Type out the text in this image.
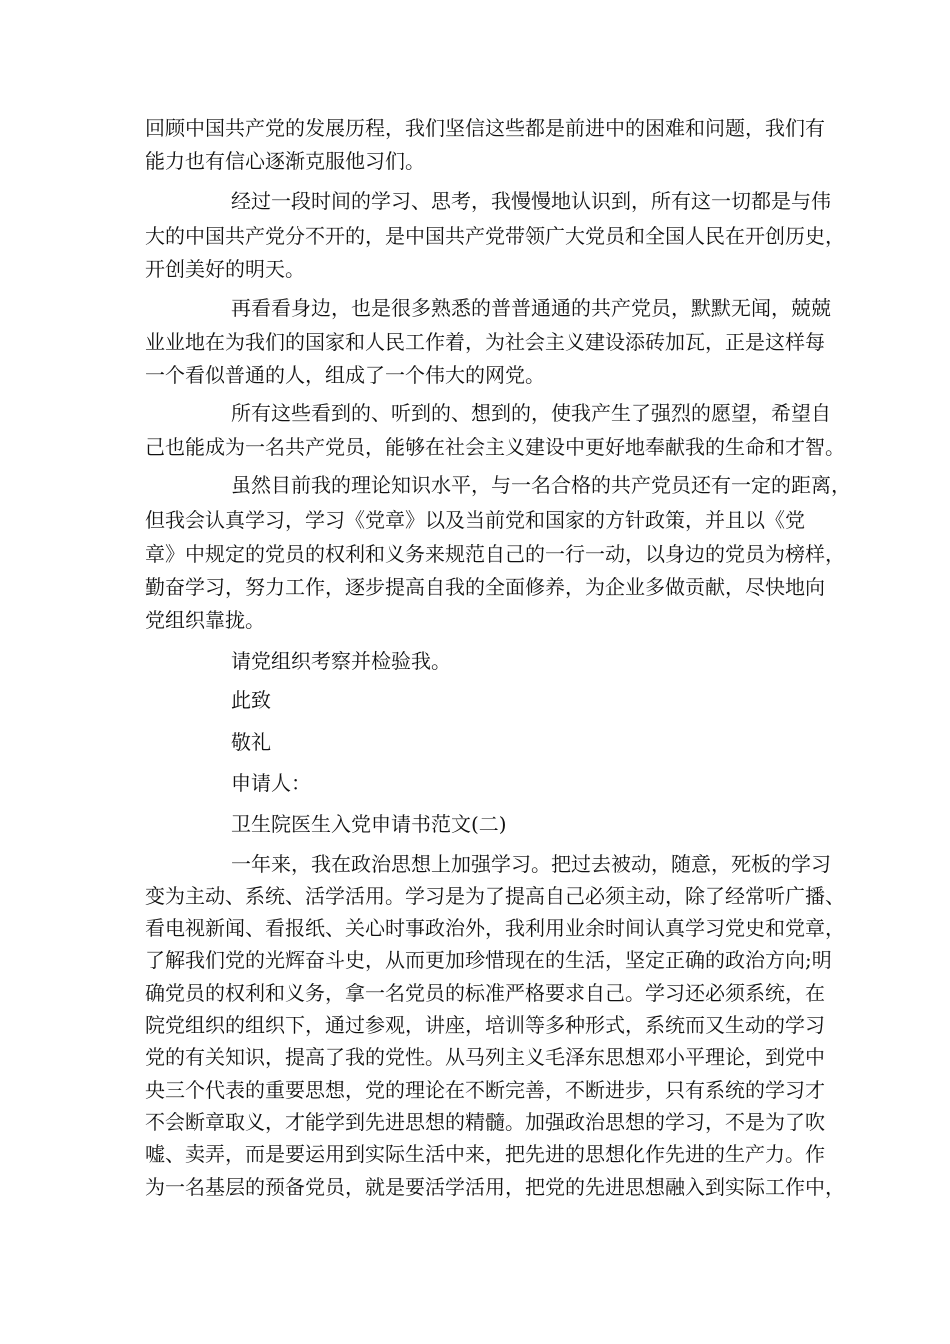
回顾中国共产党的发展历程，我们坚信这些都是前进中的困难和问题，我们有
能力也有信心逐渐克服他习们。
经过一段时间的学习、思考，我慢慢地认识到，所有这一切都是与伟
大的中国共产党分不开的，是中国共产党带领广大党员和全国人民在开创历史，
开创美好的明天。
再看看身边，也是很多熟悉的普普通通的共产党员，默默无闻，兢兢
业业地在为我们的国家和人民工作着，为社会主义建设添砖加瓦，正是这样每
一个看似普通的人，组成了一个伟大的网党。
所有这些看到的、听到的、想到的，使我产生了强烈的愿望，希望自
己也能成为一名共产党员，能够在社会主义建设中更好地奉献我的生命和才智。
虽然目前我的理论知识水平，与一名合格的共产党员还有一定的距离，
但我会认真学习，学习《党章》以及当前党和国家的方针政策，并且以《党
章》中规定的党员的权利和义务来规范自己的一行一动，以身边的党员为榜样，
勤奋学习，努力工作，逐步提高自我的全面修养，为企业多做贡献，尽快地向
党组织靠拢。
请党组织考察并检验我。
此致
敬礼
申请人：
卫生院医生入党申请书范文(二)
一年来，我在政治思想上加强学习。把过去被动，随意，死板的学习
变为主动、系统、活学活用。学习是为了提高自己必须主动，除了经常听广播、
看电视新闻、看报纸、关心时事政治外，我利用业余时间认真学习党史和党章，
了解我们党的光辉奋斗史，从而更加珍惜现在的生活，坚定正确的政治方向;明
确党员的权利和义务，拿一名党员的标准严格要求自己。学习还必须系统，在
院党组织的组织下，通过参观，讲座，培训等多种形式，系统而又生动的学习
党的有关知识，提高了我的党性。从马列主义毛泽东思想邓小平理论，到党中
央三个代表的重要思想，党的理论在不断完善，不断进步，只有系统的学习才
不会断章取义，才能学到先进思想的精髓。加强政治思想的学习，不是为了吹
嘘、卖弄，而是要运用到实际生活中来，把先进的思想化作先进的生产力。作
为一名基层的预备党员，就是要活学活用，把党的先进思想融入到实际工作中，
